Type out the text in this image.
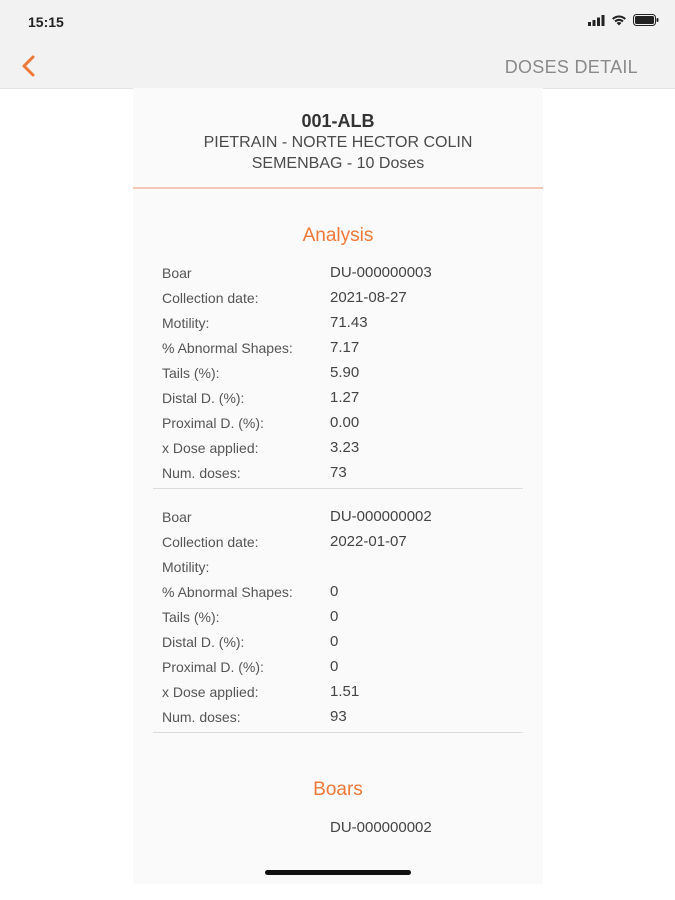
15:15
DOSES DETAIL
001-ALB
PIETRAIN - NORTE HECTOR COLIN
SEMENBAG - 10 Doses
Analysis
Boar	DU-000000003
Collection date:	2021-08-27
Motility:	71.43
% Abnormal Shapes: 7.17
Tails (%):	5.90
Distal D. (%):	1.27
Proximal D. (%):	0.00
x Dose applied:	3.23
Num. doses:	73
Boar	DU-000000002
Collection date:	2022-01-07
Motility:
% Abnormal Shapes: 0
Tails (%):	0
Distal D. (%):	0
Proximal D. (%):	0
x Dose applied:	1.51
Num. doses:	93
Boars
DU-000000002
